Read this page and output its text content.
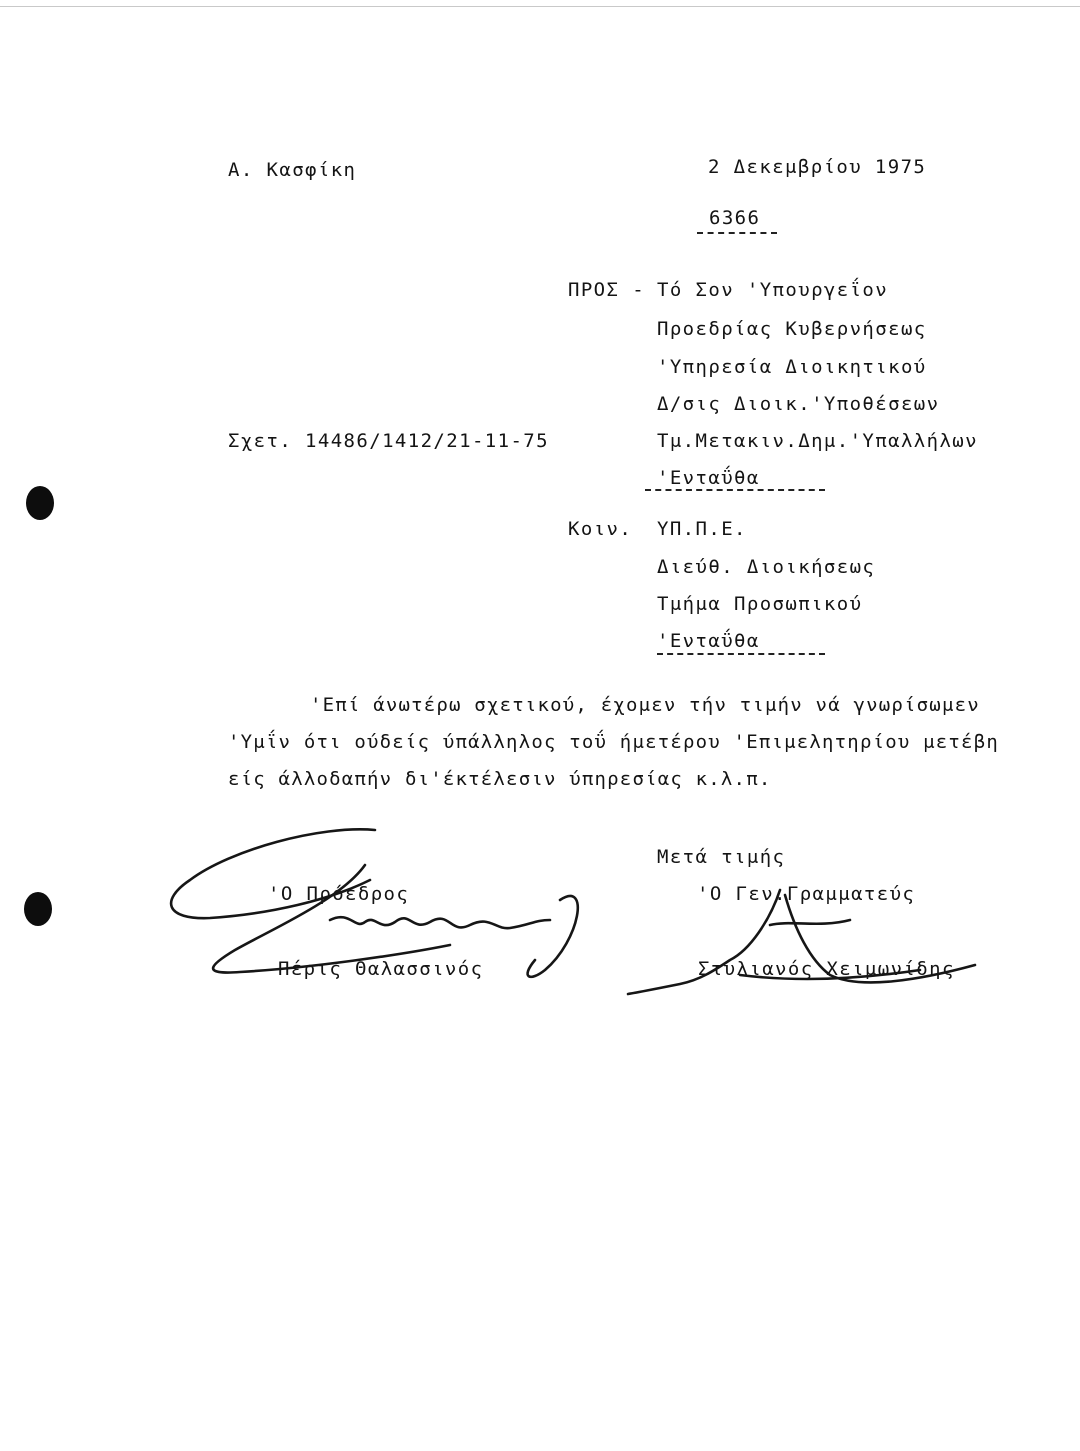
Α. Κασφίκη	2 Δεκεμβρίου 1975
6366
ΠΡΟΣ - Τό Σον 'Υπουργεΐον
Προεδρίας Κυβερνήσεως
'Υπηρεσία Διοικητικού
Δ/σις Διοικ.'Υποθέσεων
Τμ.Μετακιν.Δημ.'Υπαλλήλων
'Ενταΰθα
Σχετ. 14486/1412/21-11-75
Κοιν. ΥΠ.Π.Ε.
Διεύθ. Διοικήσεως
Τμήμα Προσωπικού
'Ενταΰθα
'Επί άνωτέρω σχετικού, έχομεν τήν τιμήν νά γνωρίσωμεν
'Υμΐν ότι ούδείς ύπάλληλος τοΰ ήμετέρου 'Επιμελητηρίου μετέβη
είς άλλοδαπήν δι'έκτέλεσιν ύπηρεσίας κ.λ.π.
Μετά τιμής
'Ο Πρόεδρος
Πέρις Θαλασσινός
'Ο Γεν.Γραμματεύς
Στυλιανός Χειμωνίδης
